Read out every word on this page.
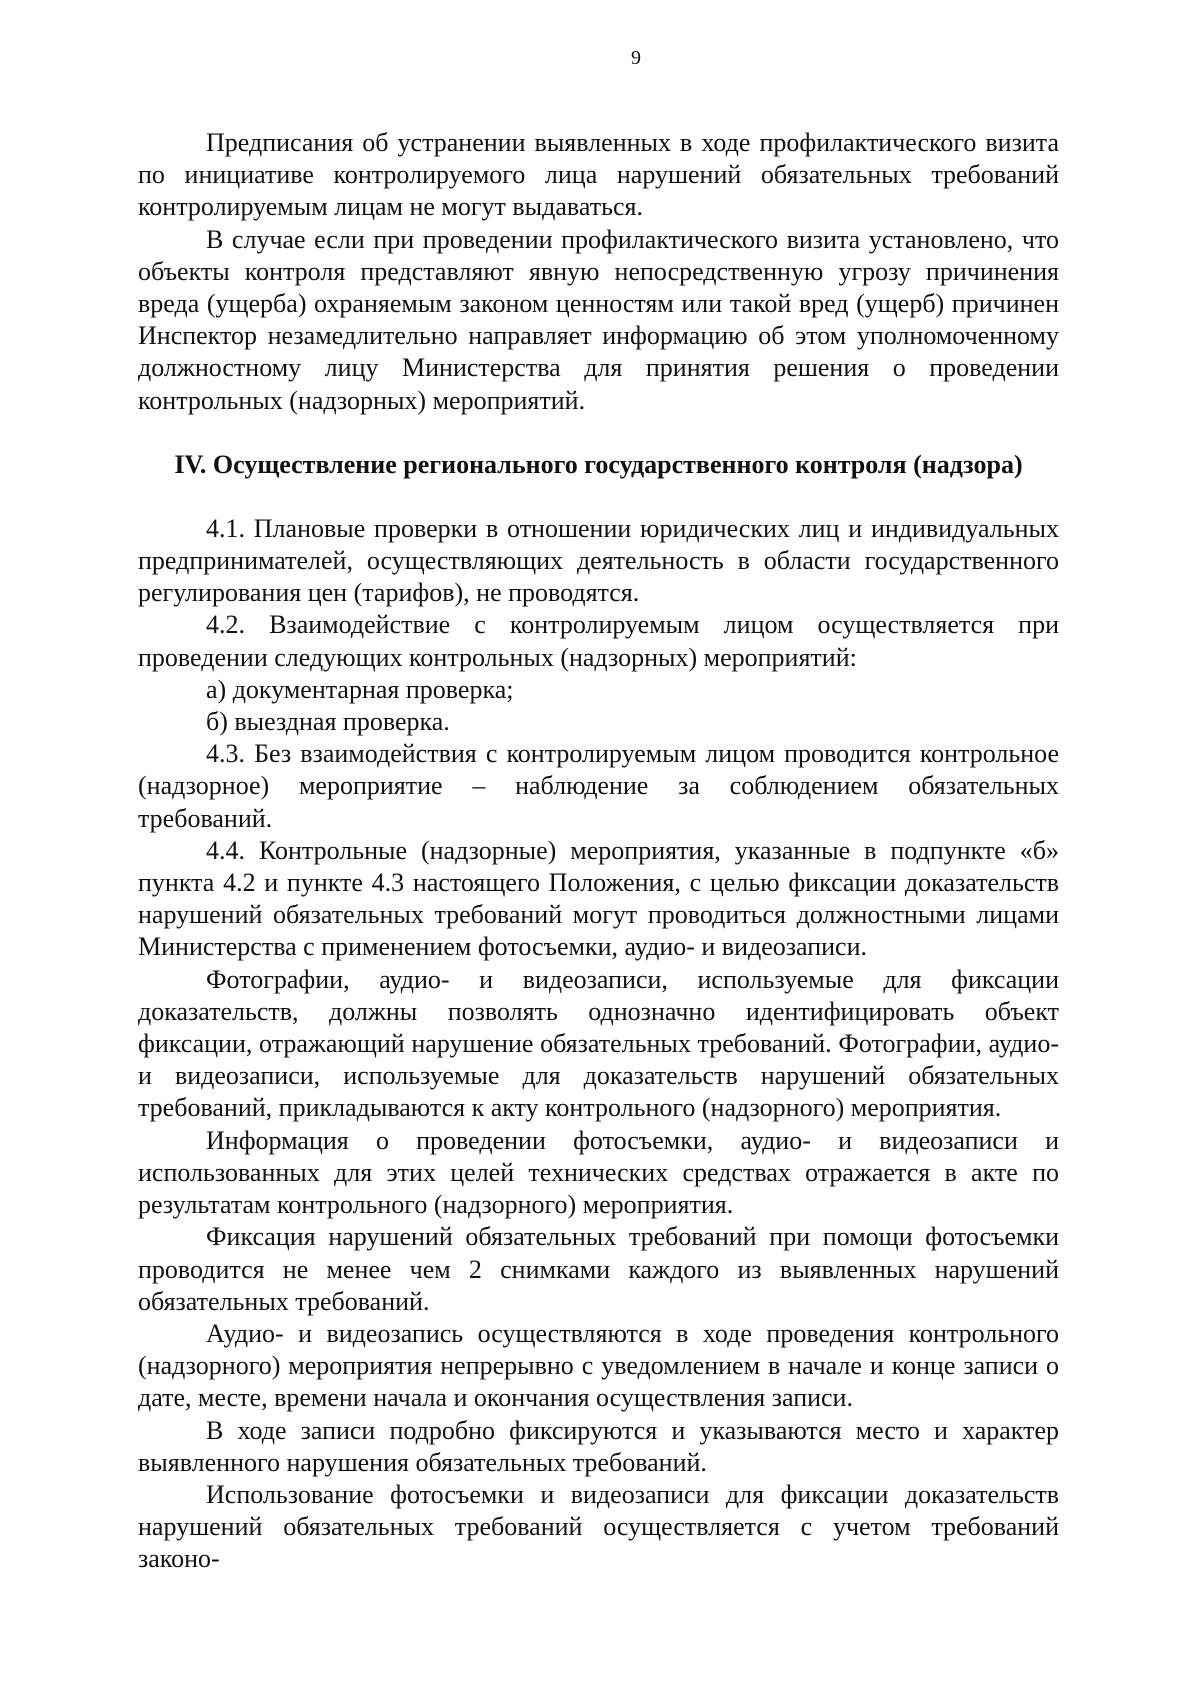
9

Предписания об устранении выявленных в ходе профилактического визита по инициативе контролируемого лица нарушений обязательных требований контролируемым лицам не могут выдаваться.

В случае если при проведении профилактического визита установлено, что объекты контроля представляют явную непосредственную угрозу причинения вреда (ущерба) охраняемым законом ценностям или такой вред (ущерб) причинен Инспектор незамедлительно направляет информацию об этом уполномоченному должностному лицу Министерства для принятия решения о проведении контрольных (надзорных) мероприятий.

IV. Осуществление регионального государственного контроля (надзора)

4.1. Плановые проверки в отношении юридических лиц и индивидуальных предпринимателей, осуществляющих деятельность в области государственного регулирования цен (тарифов), не проводятся.

4.2. Взаимодействие с контролируемым лицом осуществляется при проведении следующих контрольных (надзорных) мероприятий:

а) документарная проверка;

б) выездная проверка.

4.3. Без взаимодействия с контролируемым лицом проводится контрольное (надзорное) мероприятие – наблюдение за соблюдением обязательных требований.

4.4. Контрольные (надзорные) мероприятия, указанные в подпункте «б» пункта 4.2 и пункте 4.3 настоящего Положения, с целью фиксации доказательств нарушений обязательных требований могут проводиться должностными лицами Министерства с применением фотосъемки, аудио- и видеозаписи.

Фотографии, аудио- и видеозаписи, используемые для фиксации доказательств, должны позволять однозначно идентифицировать объект фиксации, отражающий нарушение обязательных требований. Фотографии, аудио- и видеозаписи, используемые для доказательств нарушений обязательных требований, прикладываются к акту контрольного (надзорного) мероприятия.

Информация о проведении фотосъемки, аудио- и видеозаписи и использованных для этих целей технических средствах отражается в акте по результатам контрольного (надзорного) мероприятия.

Фиксация нарушений обязательных требований при помощи фотосъемки проводится не менее чем 2 снимками каждого из выявленных нарушений обязательных требований.

Аудио- и видеозапись осуществляются в ходе проведения контрольного (надзорного) мероприятия непрерывно с уведомлением в начале и конце записи о дате, месте, времени начала и окончания осуществления записи.

В ходе записи подробно фиксируются и указываются место и характер выявленного нарушения обязательных требований.

Использование фотосъемки и видеозаписи для фиксации доказательств нарушений обязательных требований осуществляется с учетом требований законо-
